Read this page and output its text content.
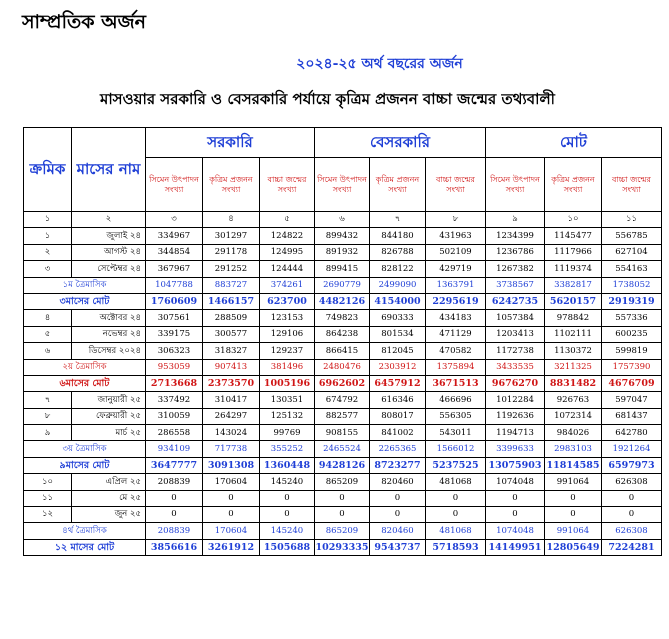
সাম্প্রতিক অর্জন
২০২৪-২৫ অর্থ বছরের অর্জন
মাসওয়ার সরকারি ও বেসরকারি পর্যায়ে কৃত্রিম প্রজনন বাচ্চা জন্মের তথ্যবালী
ক্রমিক	মাসের নাম	সরকারি			বেসরকারি			মোট		
		সিমেন উৎপাদন সংখ্যা	কৃত্রিম প্রজনন সংখ্যা	বাচ্চা জন্মের সংখ্যা	সিমেন উৎপাদন সংখ্যা	কৃত্রিম প্রজনন সংখ্যা	বাচ্চা জন্মের সংখ্যা	সিমেন উৎপাদন সংখ্যা	কৃত্রিম প্রজনন সংখ্যা	বাচ্চা জন্মের সংখ্যা
১	২	৩	৪	৫	৬	৭	৮	৯	১০	১১
১	জুলাই ২৪	334967	301297	124822	899432	844180	431963	1234399	1145477	556785
২	আগস্ট ২৪	344854	291178	124995	891932	826788	502109	1236786	1117966	627104
৩	সেপ্টেম্বর ২৪	367967	291252	124444	899415	828122	429719	1267382	1119374	554163
১ম ত্রৈমাসিক		1047788	883727	374261	2690779	2499090	1363791	3738567	3382817	1738052
৩মাসের মোট		1760609	1466157	623700	4482126	4154000	2295619	6242735	5620157	2919319
৪	অক্টোবর ২৪	307561	288509	123153	749823	690333	434183	1057384	978842	557336
৫	নভেম্বর ২৪	339175	300577	129106	864238	801534	471129	1203413	1102111	600235
৬	ডিসেম্বর ২০২৪	306323	318327	129237	866415	812045	470582	1172738	1130372	599819
২য় ত্রৈমাসিক		953059	907413	381496	2480476	2303912	1375894	3433535	3211325	1757390
৬মাসের মোট		2713668	2373570	1005196	6962602	6457912	3671513	9676270	8831482	4676709
৭	জানুয়ারী ২৫	337492	310417	130351	674792	616346	466696	1012284	926763	597047
৮	ফেব্রুয়ারী ২৫	310059	264297	125132	882577	808017	556305	1192636	1072314	681437
৯	মার্চ ২৫	286558	143024	99769	908155	841002	543011	1194713	984026	642780
৩য় ত্রৈমাসিক		934109	717738	355252	2465524	2265365	1566012	3399633	2983103	1921264
৯মাসের মোট		3647777	3091308	1360448	9428126	8723277	5237525	13075903	11814585	6597973
১০	এপ্রিল ২৫	208839	170604	145240	865209	820460	481068	1074048	991064	626308
১১	মে ২৫	0	0	0	0	0	0	0	0	0
১২	জুন ২৫	0	0	0	0	0	0	0	0	0
৪র্থ ত্রৈমাসিক		208839	170604	145240	865209	820460	481068	1074048	991064	626308
১২ মাসের মোট		3856616	3261912	1505688	10293335	9543737	5718593	14149951	12805649	7224281
